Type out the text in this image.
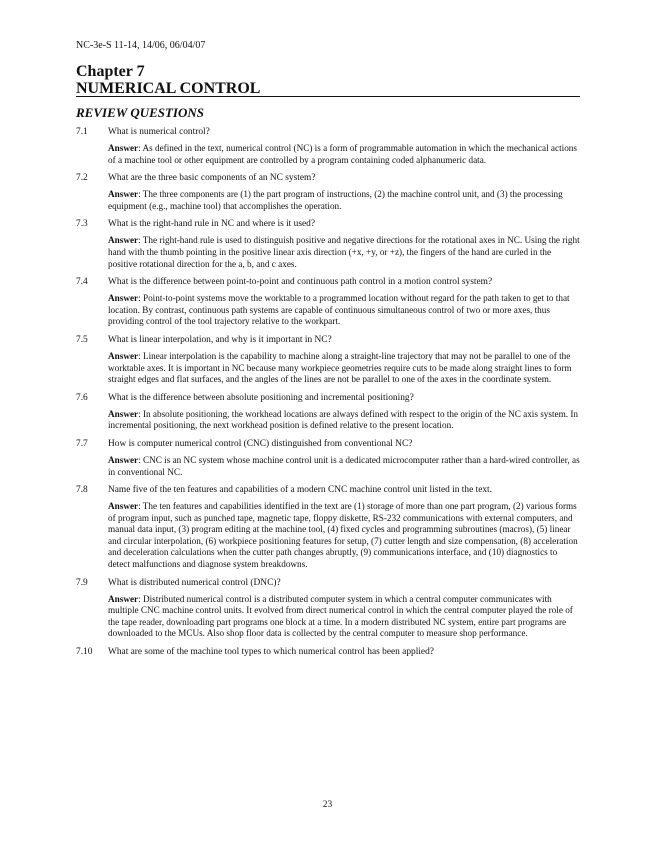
NC-3e-S 11-14, 14/06, 06/04/07
Chapter 7
NUMERICAL CONTROL
REVIEW QUESTIONS
7.1	What is numerical control?
Answer: As defined in the text, numerical control (NC) is a form of programmable automation in which the mechanical actions of a machine tool or other equipment are controlled by a program containing coded alphanumeric data.
7.2	What are the three basic components of an NC system?
Answer: The three components are (1) the part program of instructions, (2) the machine control unit, and (3) the processing equipment (e.g., machine tool) that accomplishes the operation.
7.3	What is the right-hand rule in NC and where is it used?
Answer: The right-hand rule is used to distinguish positive and negative directions for the rotational axes in NC. Using the right hand with the thumb pointing in the positive linear axis direction (+x, +y, or +z), the fingers of the hand are curled in the positive rotational direction for the a, b, and c axes.
7.4	What is the difference between point-to-point and continuous path control in a motion control system?
Answer: Point-to-point systems move the worktable to a programmed location without regard for the path taken to get to that location. By contrast, continuous path systems are capable of continuous simultaneous control of two or more axes, thus providing control of the tool trajectory relative to the workpart.
7.5	What is linear interpolation, and why is it important in NC?
Answer: Linear interpolation is the capability to machine along a straight-line trajectory that may not be parallel to one of the worktable axes. It is important in NC because many workpiece geometries require cuts to be made along straight lines to form straight edges and flat surfaces, and the angles of the lines are not be parallel to one of the axes in the coordinate system.
7.6	What is the difference between absolute positioning and incremental positioning?
Answer: In absolute positioning, the workhead locations are always defined with respect to the origin of the NC axis system. In incremental positioning, the next workhead position is defined relative to the present location.
7.7	How is computer numerical control (CNC) distinguished from conventional NC?
Answer: CNC is an NC system whose machine control unit is a dedicated microcomputer rather than a hard-wired controller, as in conventional NC.
7.8	Name five of the ten features and capabilities of a modern CNC machine control unit listed in the text.
Answer: The ten features and capabilities identified in the text are (1) storage of more than one part program, (2) various forms of program input, such as punched tape, magnetic tape, floppy diskette, RS-232 communications with external computers, and manual data input, (3) program editing at the machine tool, (4) fixed cycles and programming subroutines (macros), (5) linear and circular interpolation, (6) workpiece positioning features for setup, (7) cutter length and size compensation, (8) acceleration and deceleration calculations when the cutter path changes abruptly, (9) communications interface, and (10) diagnostics to detect malfunctions and diagnose system breakdowns.
7.9	What is distributed numerical control (DNC)?
Answer: Distributed numerical control is a distributed computer system in which a central computer communicates with multiple CNC machine control units. It evolved from direct numerical control in which the central computer played the role of the tape reader, downloading part programs one block at a time. In a modern distributed NC system, entire part programs are downloaded to the MCUs. Also shop floor data is collected by the central computer to measure shop performance.
7.10	What are some of the machine tool types to which numerical control has been applied?
23
